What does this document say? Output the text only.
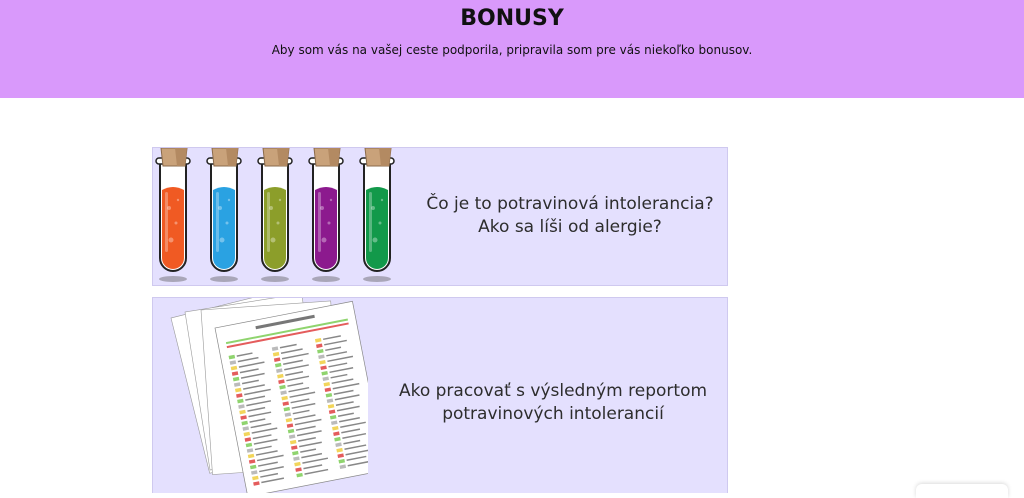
BONUSY

Aby som vás na vašej ceste podporila, pripravila som pre vás niekoľko bonusov.

Čo je to potravinová intolerancia?
Ako sa líši od alergie?
Ako pracovať s výsledným reportom
potravinových intolerancií
